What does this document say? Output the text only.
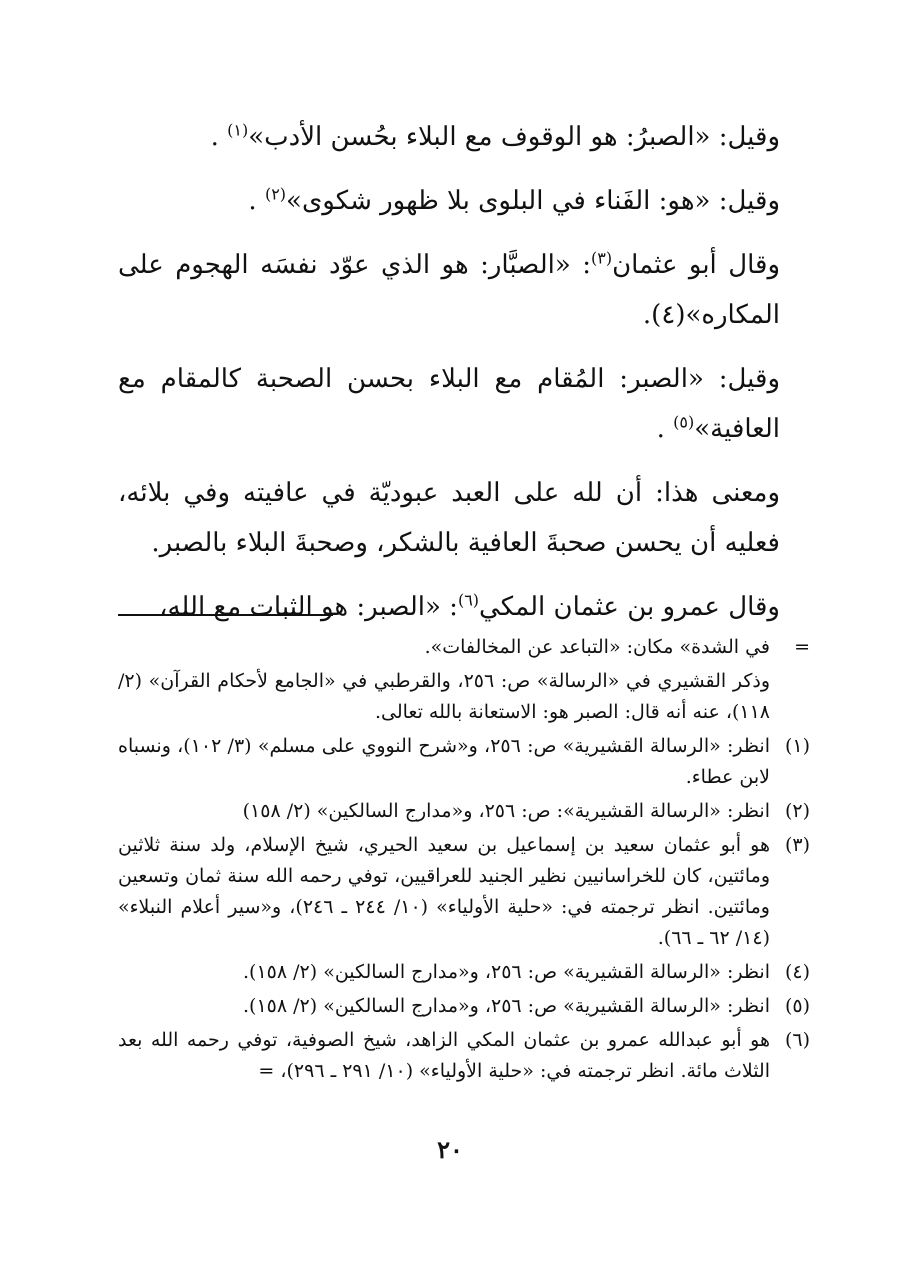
وقيل: «الصبرُ: هو الوقوف مع البلاء بحُسن الأدب»$^{(١)}$ .

وقيل: «هو: الفَناء في البلوى بلا ظهور شكوى»$^{(٢)}$ .

وقال أبو عثمان$^{(٣)}$: «الصبَّار: هو الذي عوّد نفسَه الهجوم على المكاره»(٤).

وقيل: «الصبر: المُقام مع البلاء بحسن الصحبة كالمقام مع العافية»$^{(٥)}$ .

ومعنى هذا: أن لله على العبد عبوديّة في عافيته وفي بلائه، فعليه أن يحسن صحبةَ العافية بالشكر، وصحبةَ البلاء بالصبر.

وقال عمرو بن عثمان المكي$^{(٦)}$: «الصبر: هو الثبات مع الله،

=
في الشدة» مكان: «التباعد عن المخالفات».
وذكر القشيري في «الرسالة» ص: ٢٥٦، والقرطبي في «الجامع لأحكام القرآن» (٢/ ١١٨)، عنه أنه قال: الصبر هو: الاستعانة بالله تعالى.
(١)
انظر: «الرسالة القشيرية» ص: ٢٥٦، و«شرح النووي على مسلم» (٣/ ١٠٢)، ونسباه لابن عطاء.
(٢)
انظر: «الرسالة القشيرية»: ص: ٢٥٦، و«مدارج السالكين» (٢/ ١٥٨)
(٣)
هو أبو عثمان سعيد بن إسماعيل بن سعيد الحيري، شيخ الإسلام، ولد سنة ثلاثين ومائتين، كان للخراسانيين نظير الجنيد للعراقيين، توفي رحمه الله سنة ثمان وتسعين ومائتين. انظر ترجمته في: «حلية الأولياء» (١٠/ ٢٤٤ ـ ٢٤٦)، و«سير أعلام النبلاء» (١٤/ ٦٢ ـ ٦٦).
(٤)
انظر: «الرسالة القشيرية» ص: ٢٥٦، و«مدارج السالكين» (٢/ ١٥٨).
(٥)
انظر: «الرسالة القشيرية» ص: ٢٥٦، و«مدارج السالكين» (٢/ ١٥٨).
(٦)
هو أبو عبدالله عمرو بن عثمان المكي الزاهد، شيخ الصوفية، توفي رحمه الله بعد الثلاث مائة. انظر ترجمته في: «حلية الأولياء» (١٠/ ٢٩١ ـ ٢٩٦)، =
٢٠
